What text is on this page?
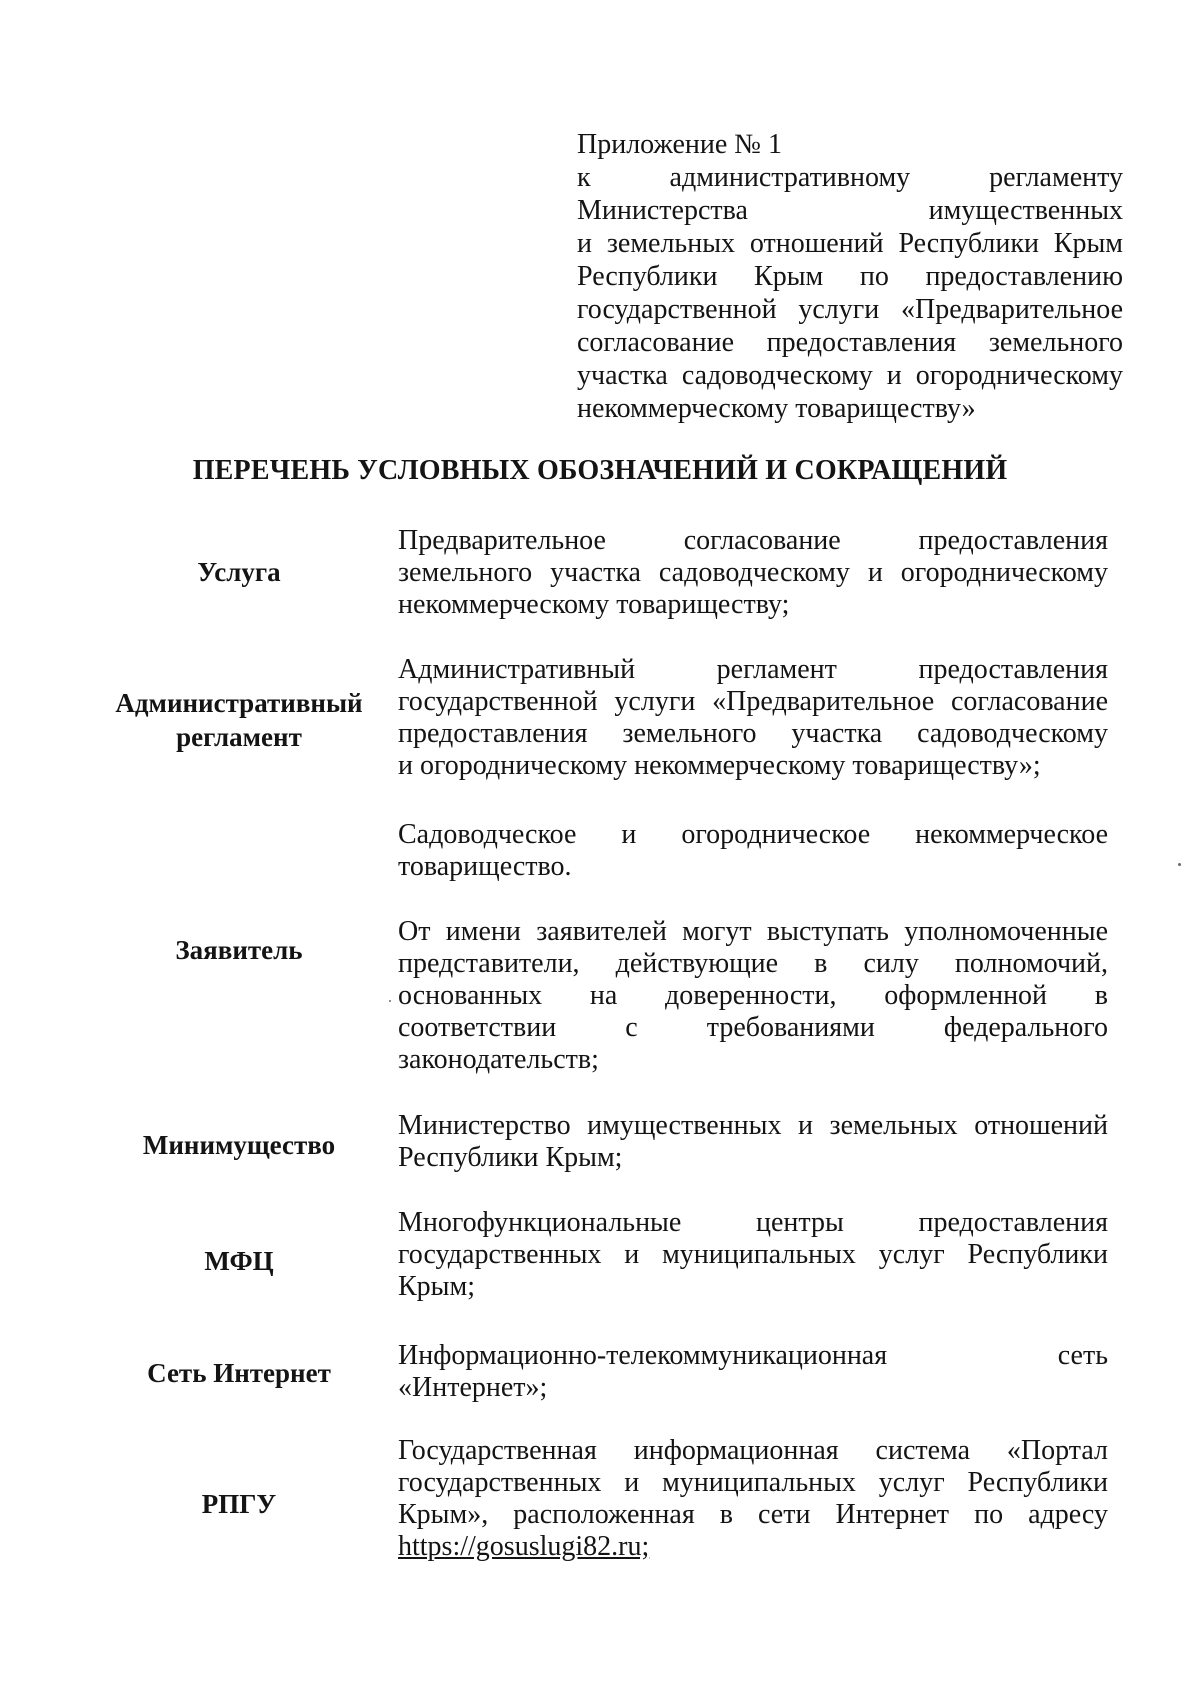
Приложение № 1
к административному регламенту
Министерства имущественных
и земельных отношений Республики Крым
Республики Крым по предоставлению
государственной услуги «Предварительное
согласование предоставления земельного
участка садоводческому и огородническому
некоммерческому товариществу»
ПЕРЕЧЕНЬ УСЛОВНЫХ ОБОЗНАЧЕНИЙ И СОКРАЩЕНИЙ
Услуга
Предварительное согласование предоставления
земельного участка садоводческому и огородническому
некоммерческому товариществу;
Административный
регламент
Административный регламент предоставления
государственной услуги «Предварительное согласование
предоставления земельного участка садоводческому
и огородническому некоммерческому товариществу»;
Садоводческое и огородническое некоммерческое
товарищество.
Заявитель
От имени заявителей могут выступать уполномоченные
представители, действующие в силу полномочий,
основанных на доверенности, оформленной в
соответствии с требованиями федерального
законодательств;
Минимущество
Министерство имущественных и земельных отношений
Республики Крым;
МФЦ
Многофункциональные центры предоставления
государственных и муниципальных услуг Республики
Крым;
Сеть Интернет
Информационно-телекоммуникационная сеть
«Интернет»;
РПГУ
Государственная информационная система «Портал
государственных и муниципальных услуг Республики
Крым», расположенная в сети Интернет по адресу
https://gosuslugi82.ru;
